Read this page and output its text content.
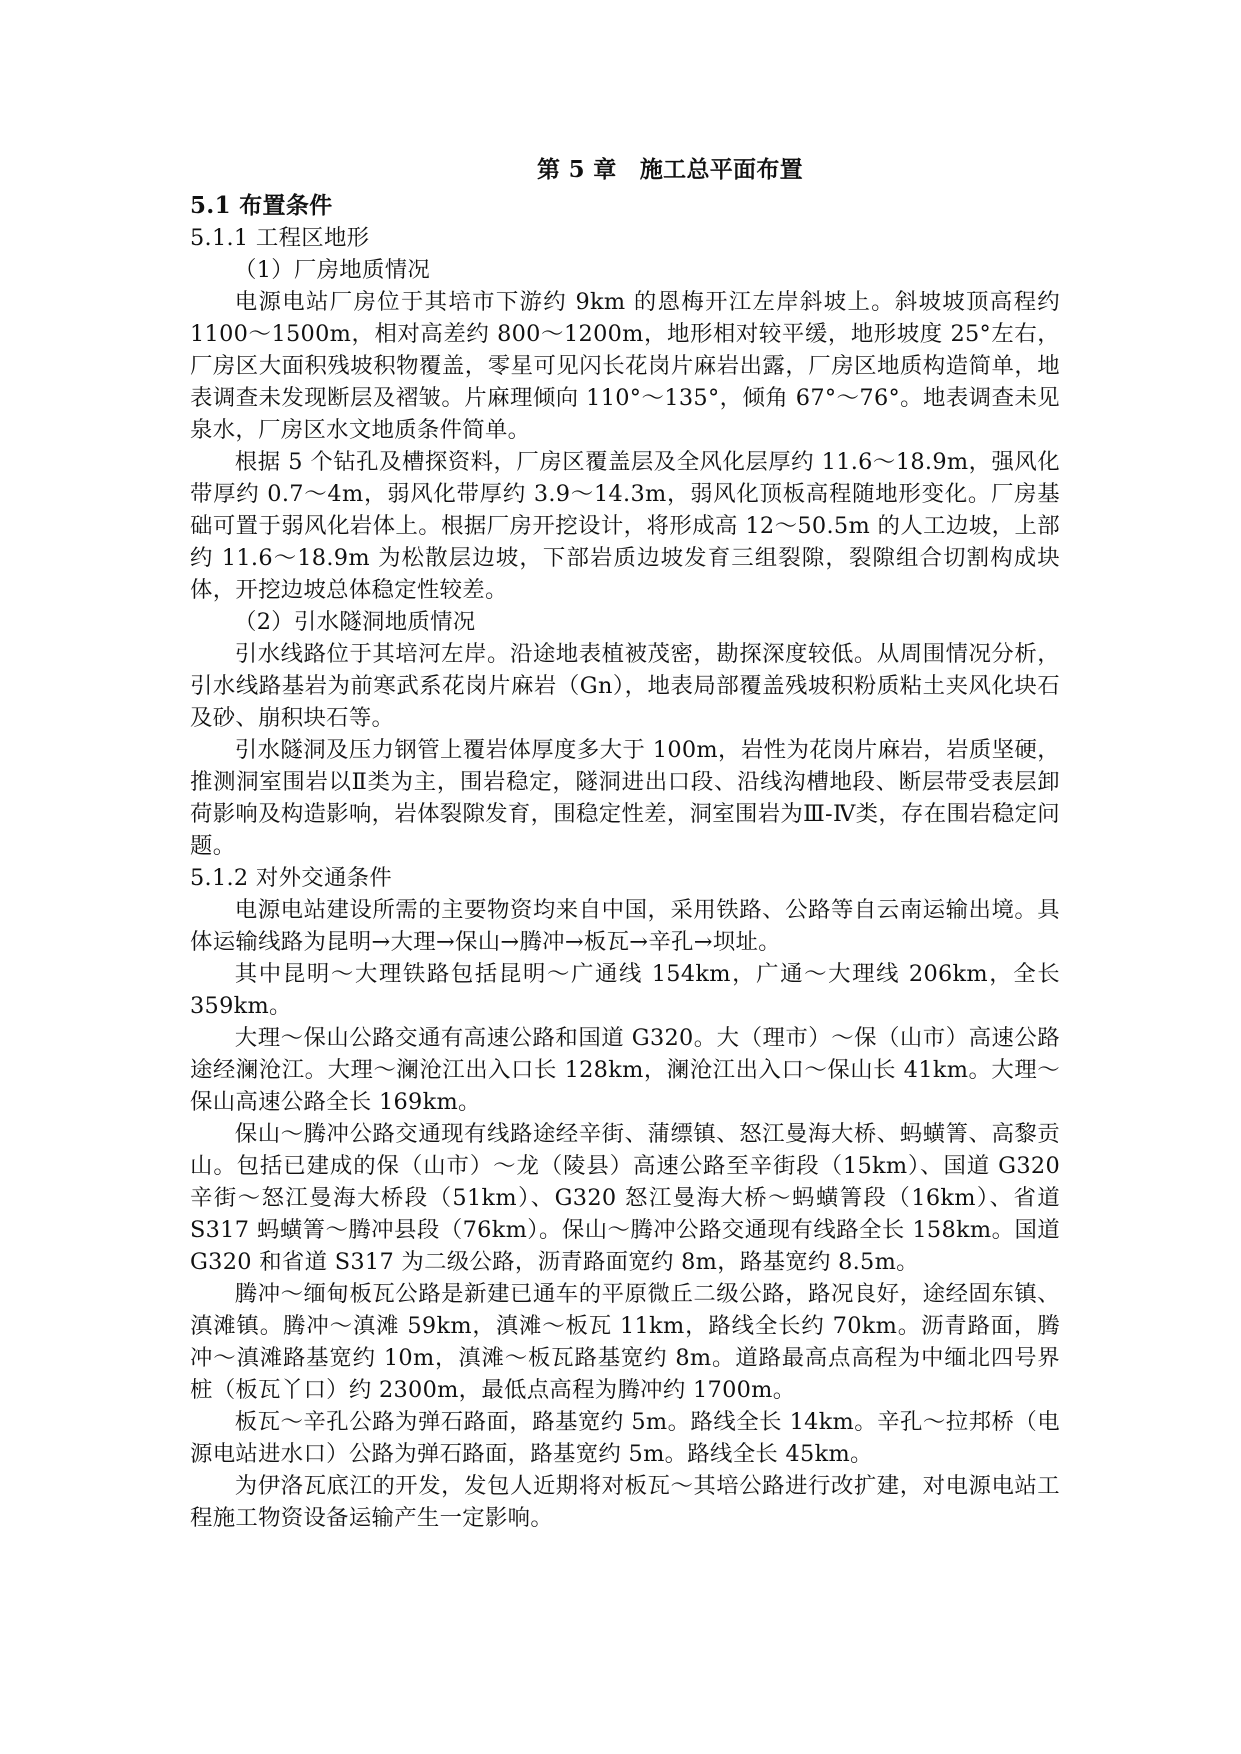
第 5 章　施工总平面布置
5.1 布置条件
5.1.1 工程区地形
（1）厂房地质情况

电源电站厂房位于其培市下游约 9km 的恩梅开江左岸斜坡上。斜坡坡顶高程约 1100～1500m，相对高差约 800～1200m，地形相对较平缓，地形坡度 25°左右，厂房区大面积残坡积物覆盖，零星可见闪长花岗片麻岩出露，厂房区地质构造简单，地表调查未发现断层及褶皱。片麻理倾向 110°～135°，倾角 67°～76°。地表调查未见泉水，厂房区水文地质条件简单。

根据 5 个钻孔及槽探资料，厂房区覆盖层及全风化层厚约 11.6～18.9m，强风化带厚约 0.7～4m，弱风化带厚约 3.9～14.3m，弱风化顶板高程随地形变化。厂房基础可置于弱风化岩体上。根据厂房开挖设计，将形成高 12～50.5m 的人工边坡，上部约 11.6～18.9m 为松散层边坡，下部岩质边坡发育三组裂隙，裂隙组合切割构成块体，开挖边坡总体稳定性较差。

（2）引水隧洞地质情况

引水线路位于其培河左岸。沿途地表植被茂密，勘探深度较低。从周围情况分析，引水线路基岩为前寒武系花岗片麻岩（Gn），地表局部覆盖残坡积粉质粘土夹风化块石及砂、崩积块石等。

引水隧洞及压力钢管上覆岩体厚度多大于 100m，岩性为花岗片麻岩，岩质坚硬，推测洞室围岩以Ⅱ类为主，围岩稳定，隧洞进出口段、沿线沟槽地段、断层带受表层卸荷影响及构造影响，岩体裂隙发育，围稳定性差，洞室围岩为Ⅲ-Ⅳ类，存在围岩稳定问题。

5.1.2 对外交通条件

电源电站建设所需的主要物资均来自中国，采用铁路、公路等自云南运输出境。具体运输线路为昆明→大理→保山→腾冲→板瓦→辛孔→坝址。

其中昆明～大理铁路包括昆明～广通线 154km，广通～大理线 206km，全长 359km。

大理～保山公路交通有高速公路和国道 G320。大（理市）～保（山市）高速公路途经澜沧江。大理～澜沧江出入口长 128km，澜沧江出入口～保山长 41km。大理～保山高速公路全长 169km。

保山～腾冲公路交通现有线路途经辛街、蒲缥镇、怒江曼海大桥、蚂蟥箐、高黎贡山。包括已建成的保（山市）～龙（陵县）高速公路至辛街段（15km）、国道 G320 辛街～怒江曼海大桥段（51km）、G320 怒江曼海大桥～蚂蟥箐段（16km）、省道 S317 蚂蟥箐～腾冲县段（76km）。保山～腾冲公路交通现有线路全长 158km。国道 G320 和省道 S317 为二级公路，沥青路面宽约 8m，路基宽约 8.5m。

腾冲～缅甸板瓦公路是新建已通车的平原微丘二级公路，路况良好，途经固东镇、滇滩镇。腾冲～滇滩 59km，滇滩～板瓦 11km，路线全长约 70km。沥青路面，腾冲～滇滩路基宽约 10m，滇滩～板瓦路基宽约 8m。道路最高点高程为中缅北四号界桩（板瓦丫口）约 2300m，最低点高程为腾冲约 1700m。

板瓦～辛孔公路为弹石路面，路基宽约 5m。路线全长 14km。辛孔～拉邦桥（电源电站进水口）公路为弹石路面，路基宽约 5m。路线全长 45km。

为伊洛瓦底江的开发，发包人近期将对板瓦～其培公路进行改扩建，对电源电站工程施工物资设备运输产生一定影响。
